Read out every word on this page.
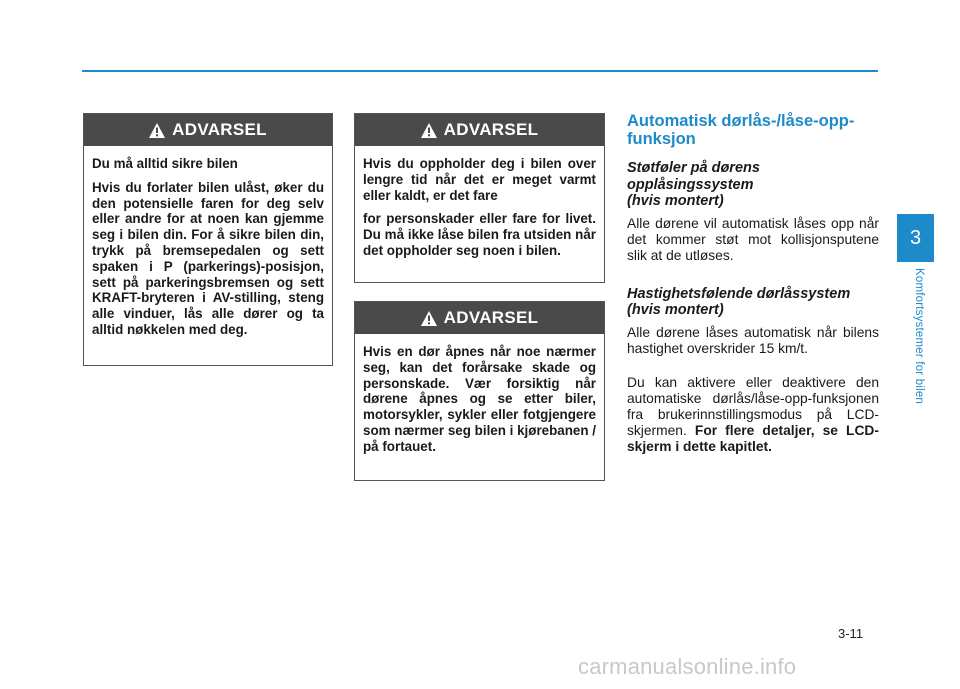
ADVARSEL

Du må alltid sikre bilen

Hvis du forlater bilen ulåst, øker du den potensielle faren for deg selv eller andre for at noen kan gjemme seg i bilen din. For å sikre bilen din, trykk på bremsepedalen og sett spaken i P (parkerings)-posisjon, sett på parkeringsbremsen og sett KRAFT-bryteren i AV-stilling, steng alle vinduer, lås alle dører og ta alltid nøkkelen med deg.

ADVARSEL

Hvis du oppholder deg i bilen over lengre tid når det er meget varmt eller kaldt, er det fare

for personskader eller fare for livet. Du må ikke låse bilen fra utsiden når det oppholder seg noen i bilen.

ADVARSEL

Hvis en dør åpnes når noe nærmer seg, kan det forårsake skade og personskade. Vær forsiktig når dørene åpnes og se etter biler, motorsykler, sykler eller fotgjengere som nærmer seg bilen i kjørebanen / på fortauet.

Automatisk dørlås-/låse-opp-funksjon
Støtføler på dørens opplåsingssystem (hvis montert)

Alle dørene vil automatisk låses opp når det kommer støt mot kollisjonsputene slik at de utløses.

Hastighetsfølende dørlåssystem (hvis montert)

Alle dørene låses automatisk når bilens hastighet overskrider 15 km/t.

Du kan aktivere eller deaktivere den automatiske dørlås/låse-opp-funksjonen fra brukerinnstillingsmodus på LCD-skjermen. For flere detaljer, se LCD-skjerm i dette kapitlet.

3
Komfortsystemer for bilen
3-11
carmanualsonline.info
